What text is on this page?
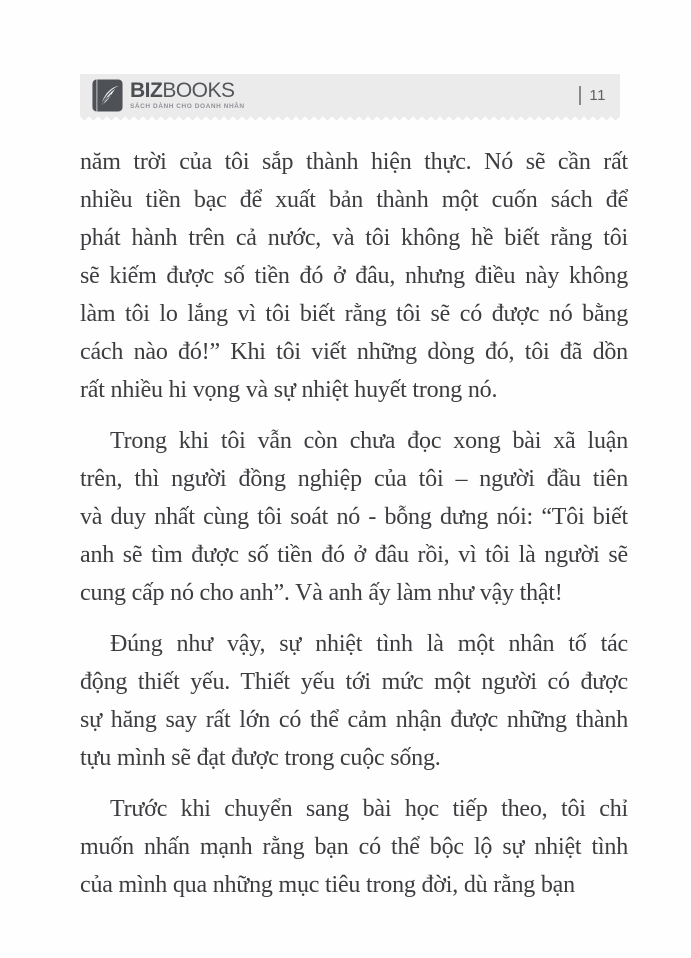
BIZBOOKS
SÁCH DÀNH CHO DOANH NHÂN
11
năm trời của tôi sắp thành hiện thực. Nó sẽ cần rất
nhiều tiền bạc để xuất bản thành một cuốn sách để
phát hành trên cả nước, và tôi không hề biết rằng tôi
sẽ kiếm được số tiền đó ở đâu, nhưng điều này không
làm tôi lo lắng vì tôi biết rằng tôi sẽ có được nó bằng
cách nào đó!” Khi tôi viết những dòng đó, tôi đã dồn
rất nhiều hi vọng và sự nhiệt huyết trong nó.
Trong khi tôi vẫn còn chưa đọc xong bài xã luận
trên, thì người đồng nghiệp của tôi – người đầu tiên
và duy nhất cùng tôi soát nó - bỗng dưng nói: “Tôi biết
anh sẽ tìm được số tiền đó ở đâu rồi, vì tôi là người sẽ
cung cấp nó cho anh”. Và anh ấy làm như vậy thật!
Đúng như vậy, sự nhiệt tình là một nhân tố tác
động thiết yếu. Thiết yếu tới mức một người có được
sự hăng say rất lớn có thể cảm nhận được những thành
tựu mình sẽ đạt được trong cuộc sống.
Trước khi chuyển sang bài học tiếp theo, tôi chỉ
muốn nhấn mạnh rằng bạn có thể bộc lộ sự nhiệt tình
của mình qua những mục tiêu trong đời, dù rằng bạn
